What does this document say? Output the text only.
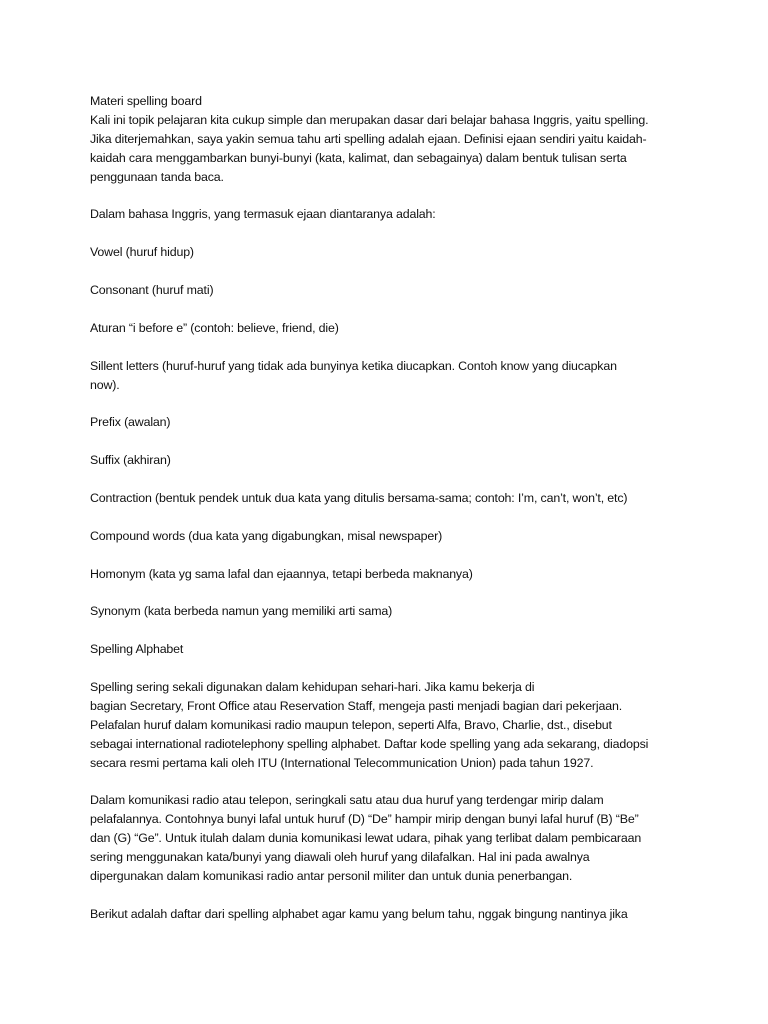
Materi spelling board
Kali ini topik pelajaran kita cukup simple dan merupakan dasar dari belajar bahasa Inggris, yaitu spelling.
Jika diterjemahkan, saya yakin semua tahu arti spelling adalah ejaan. Definisi ejaan sendiri yaitu kaidah-
kaidah cara menggambarkan bunyi-bunyi (kata, kalimat, dan sebagainya) dalam bentuk tulisan serta
penggunaan tanda baca.

Dalam bahasa Inggris, yang termasuk ejaan diantaranya adalah:

Vowel (huruf hidup)

Consonant (huruf mati)

Aturan “i before e” (contoh: believe, friend, die)

Sillent letters (huruf-huruf yang tidak ada bunyinya ketika diucapkan. Contoh know yang diucapkan
now).

Prefix (awalan)

Suffix (akhiran)

Contraction (bentuk pendek untuk dua kata yang ditulis bersama-sama; contoh: I’m, can’t, won’t, etc)

Compound words (dua kata yang digabungkan, misal newspaper)

Homonym (kata yg sama lafal dan ejaannya, tetapi berbeda maknanya)

Synonym (kata berbeda namun yang memiliki arti sama)

Spelling Alphabet

Spelling sering sekali digunakan dalam kehidupan sehari-hari. Jika kamu bekerja di
bagian Secretary, Front Office atau Reservation Staff, mengeja pasti menjadi bagian dari pekerjaan.
Pelafalan huruf dalam komunikasi radio maupun telepon, seperti Alfa, Bravo, Charlie, dst., disebut
sebagai international radiotelephony spelling alphabet. Daftar kode spelling yang ada sekarang, diadopsi
secara resmi pertama kali oleh ITU (International Telecommunication Union) pada tahun 1927.

Dalam komunikasi radio atau telepon, seringkali satu atau dua huruf yang terdengar mirip dalam
pelafalannya. Contohnya bunyi lafal untuk huruf (D) “De” hampir mirip dengan bunyi lafal huruf (B) “Be”
dan (G) “Ge”. Untuk itulah dalam dunia komunikasi lewat udara, pihak yang terlibat dalam pembicaraan
sering menggunakan kata/bunyi yang diawali oleh huruf yang dilafalkan. Hal ini pada awalnya
dipergunakan dalam komunikasi radio antar personil militer dan untuk dunia penerbangan.

Berikut adalah daftar dari spelling alphabet agar kamu yang belum tahu, nggak bingung nantinya jika
